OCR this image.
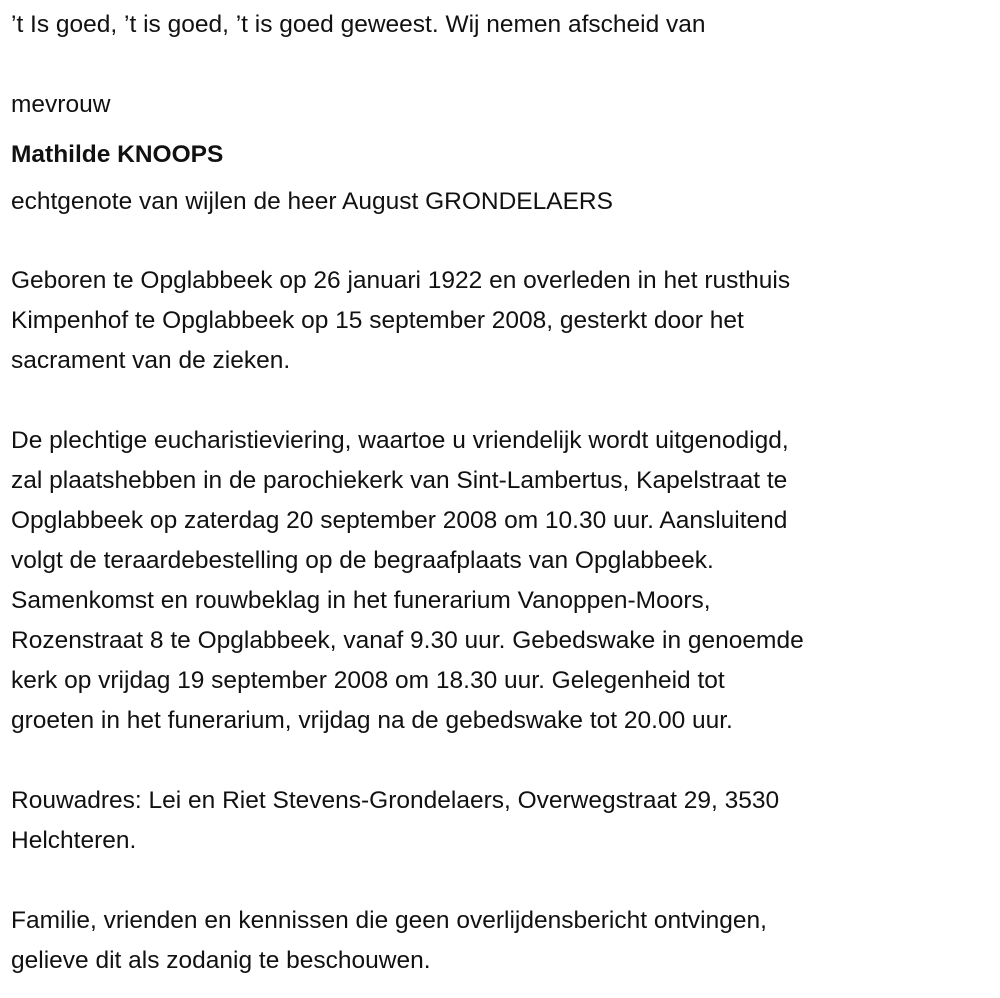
’t Is goed, ’t is goed, ’t is goed geweest. Wij nemen afscheid van
mevrouw
Mathilde KNOOPS
echtgenote van wijlen de heer August GRONDELAERS
Geboren te Opglabbeek op 26 januari 1922 en overleden in het rusthuis
Kimpenhof te Opglabbeek op 15 september 2008, gesterkt door het
sacrament van de zieken.
De plechtige eucharistieviering, waartoe u vriendelijk wordt uitgenodigd,
zal plaatshebben in de parochiekerk van Sint-Lambertus, Kapelstraat te
Opglabbeek op zaterdag 20 september 2008 om 10.30 uur. Aansluitend
volgt de teraardebestelling op de begraafplaats van Opglabbeek.
Samenkomst en rouwbeklag in het funerarium Vanoppen-Moors,
Rozenstraat 8 te Opglabbeek, vanaf 9.30 uur. Gebedswake in genoemde
kerk op vrijdag 19 september 2008 om 18.30 uur. Gelegenheid tot
groeten in het funerarium, vrijdag na de gebedswake tot 20.00 uur.
Rouwadres: Lei en Riet Stevens-Grondelaers, Overwegstraat 29, 3530
Helchteren.
Familie, vrienden en kennissen die geen overlijdensbericht ontvingen,
gelieve dit als zodanig te beschouwen.
